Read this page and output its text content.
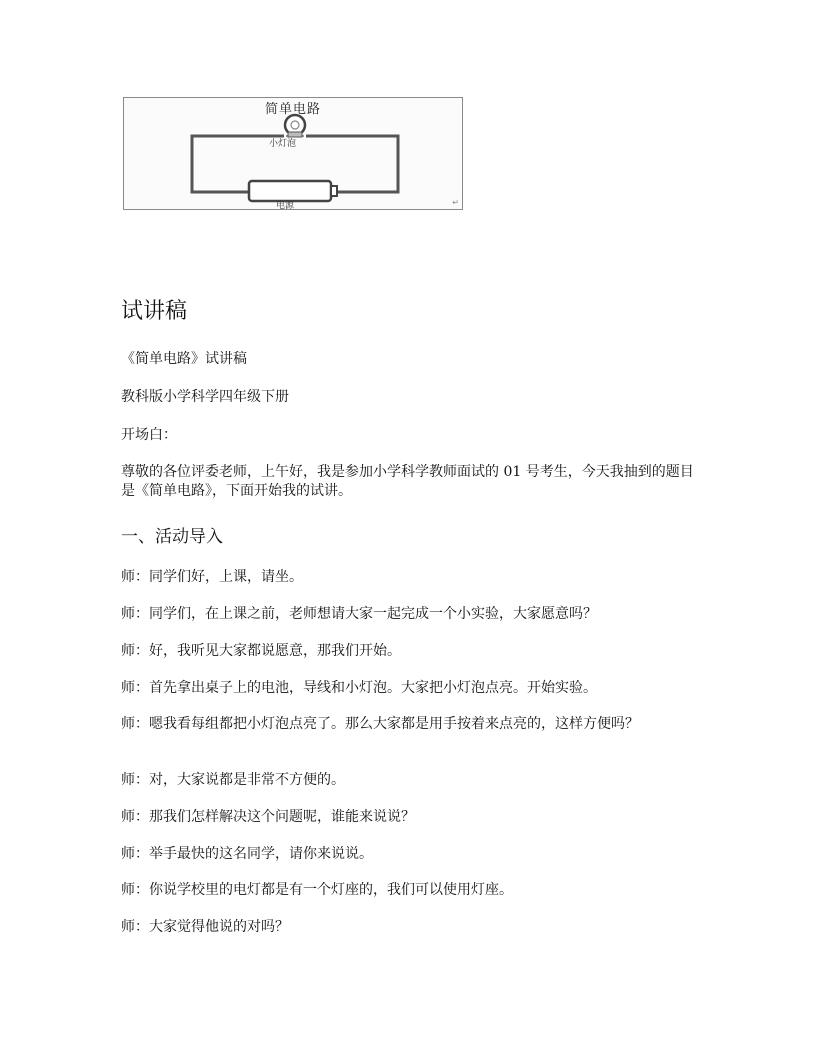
简单电路
小灯泡
电源	↵
试讲稿

《简单电路》试讲稿

教科版小学科学四年级下册

开场白：

尊敬的各位评委老师，上午好，我是参加小学科学教师面试的 01 号考生，今天我抽到的题目是《简单电路》，下面开始我的试讲。

一、活动导入

师：同学们好，上课，请坐。

师：同学们，在上课之前，老师想请大家一起完成一个小实验，大家愿意吗？

师：好，我听见大家都说愿意，那我们开始。

师：首先拿出桌子上的电池，导线和小灯泡。大家把小灯泡点亮。开始实验。

师：嗯我看每组都把小灯泡点亮了。那么大家都是用手按着来点亮的，这样方便吗？

师：对，大家说都是非常不方便的。

师：那我们怎样解决这个问题呢，谁能来说说？

师：举手最快的这名同学，请你来说说。

师：你说学校里的电灯都是有一个灯座的，我们可以使用灯座。

师：大家觉得他说的对吗？
